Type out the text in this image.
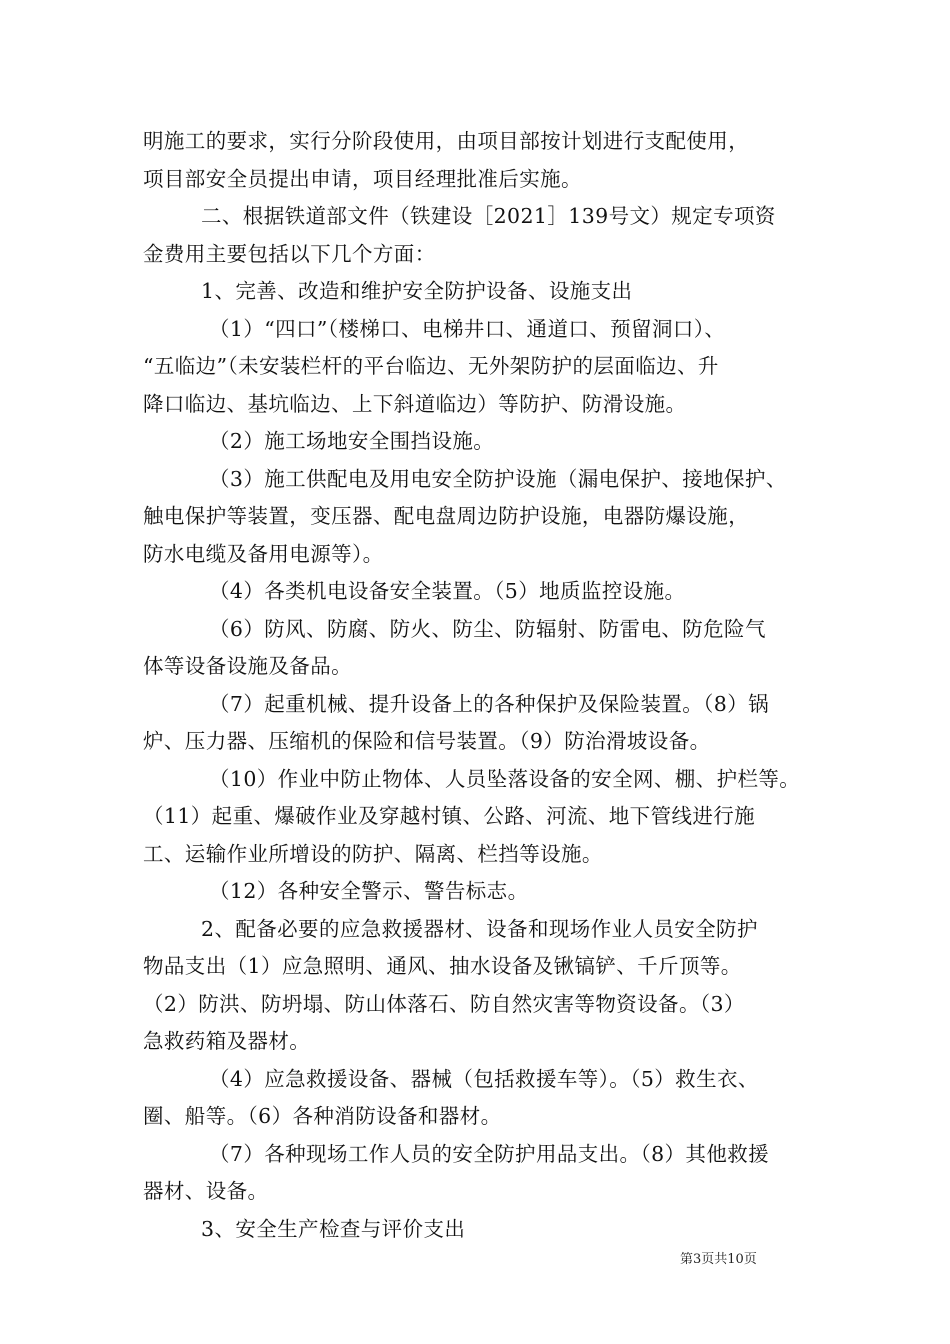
明施工的要求，实行分阶段使用，由项目部按计划进行支配使用，
项目部安全员提出申请，项目经理批准后实施。
二、根据铁道部文件（铁建设［2021］139号文）规定专项资
金费用主要包括以下几个方面：
1、完善、改造和维护安全防护设备、设施支出
（1）“四口”（楼梯口、电梯井口、通道口、预留洞口）、
“五临边”（未安装栏杆的平台临边、无外架防护的层面临边、升
降口临边、基坑临边、上下斜道临边）等防护、防滑设施。
（2）施工场地安全围挡设施。
（3）施工供配电及用电安全防护设施（漏电保护、接地保护、
触电保护等装置，变压器、配电盘周边防护设施，电器防爆设施，
防水电缆及备用电源等）。
（4）各类机电设备安全装置。（5）地质监控设施。
（6）防风、防腐、防火、防尘、防辐射、防雷电、防危险气
体等设备设施及备品。
（7）起重机械、提升设备上的各种保护及保险装置。（8）锅
炉、压力器、压缩机的保险和信号装置。（9）防治滑坡设备。
（10）作业中防止物体、人员坠落设备的安全网、棚、护栏等。
（11）起重、爆破作业及穿越村镇、公路、河流、地下管线进行施
工、运输作业所增设的防护、隔离、栏挡等设施。
（12）各种安全警示、警告标志。
2、配备必要的应急救援器材、设备和现场作业人员安全防护
物品支出（1）应急照明、通风、抽水设备及锹镐铲、千斤顶等。
（2）防洪、防坍塌、防山体落石、防自然灾害等物资设备。（3）
急救药箱及器材。
（4）应急救援设备、器械（包括救援车等）。（5）救生衣、
圈、船等。（6）各种消防设备和器材。
（7）各种现场工作人员的安全防护用品支出。（8）其他救援
器材、设备。
3、安全生产检查与评价支出
第3页共10页
